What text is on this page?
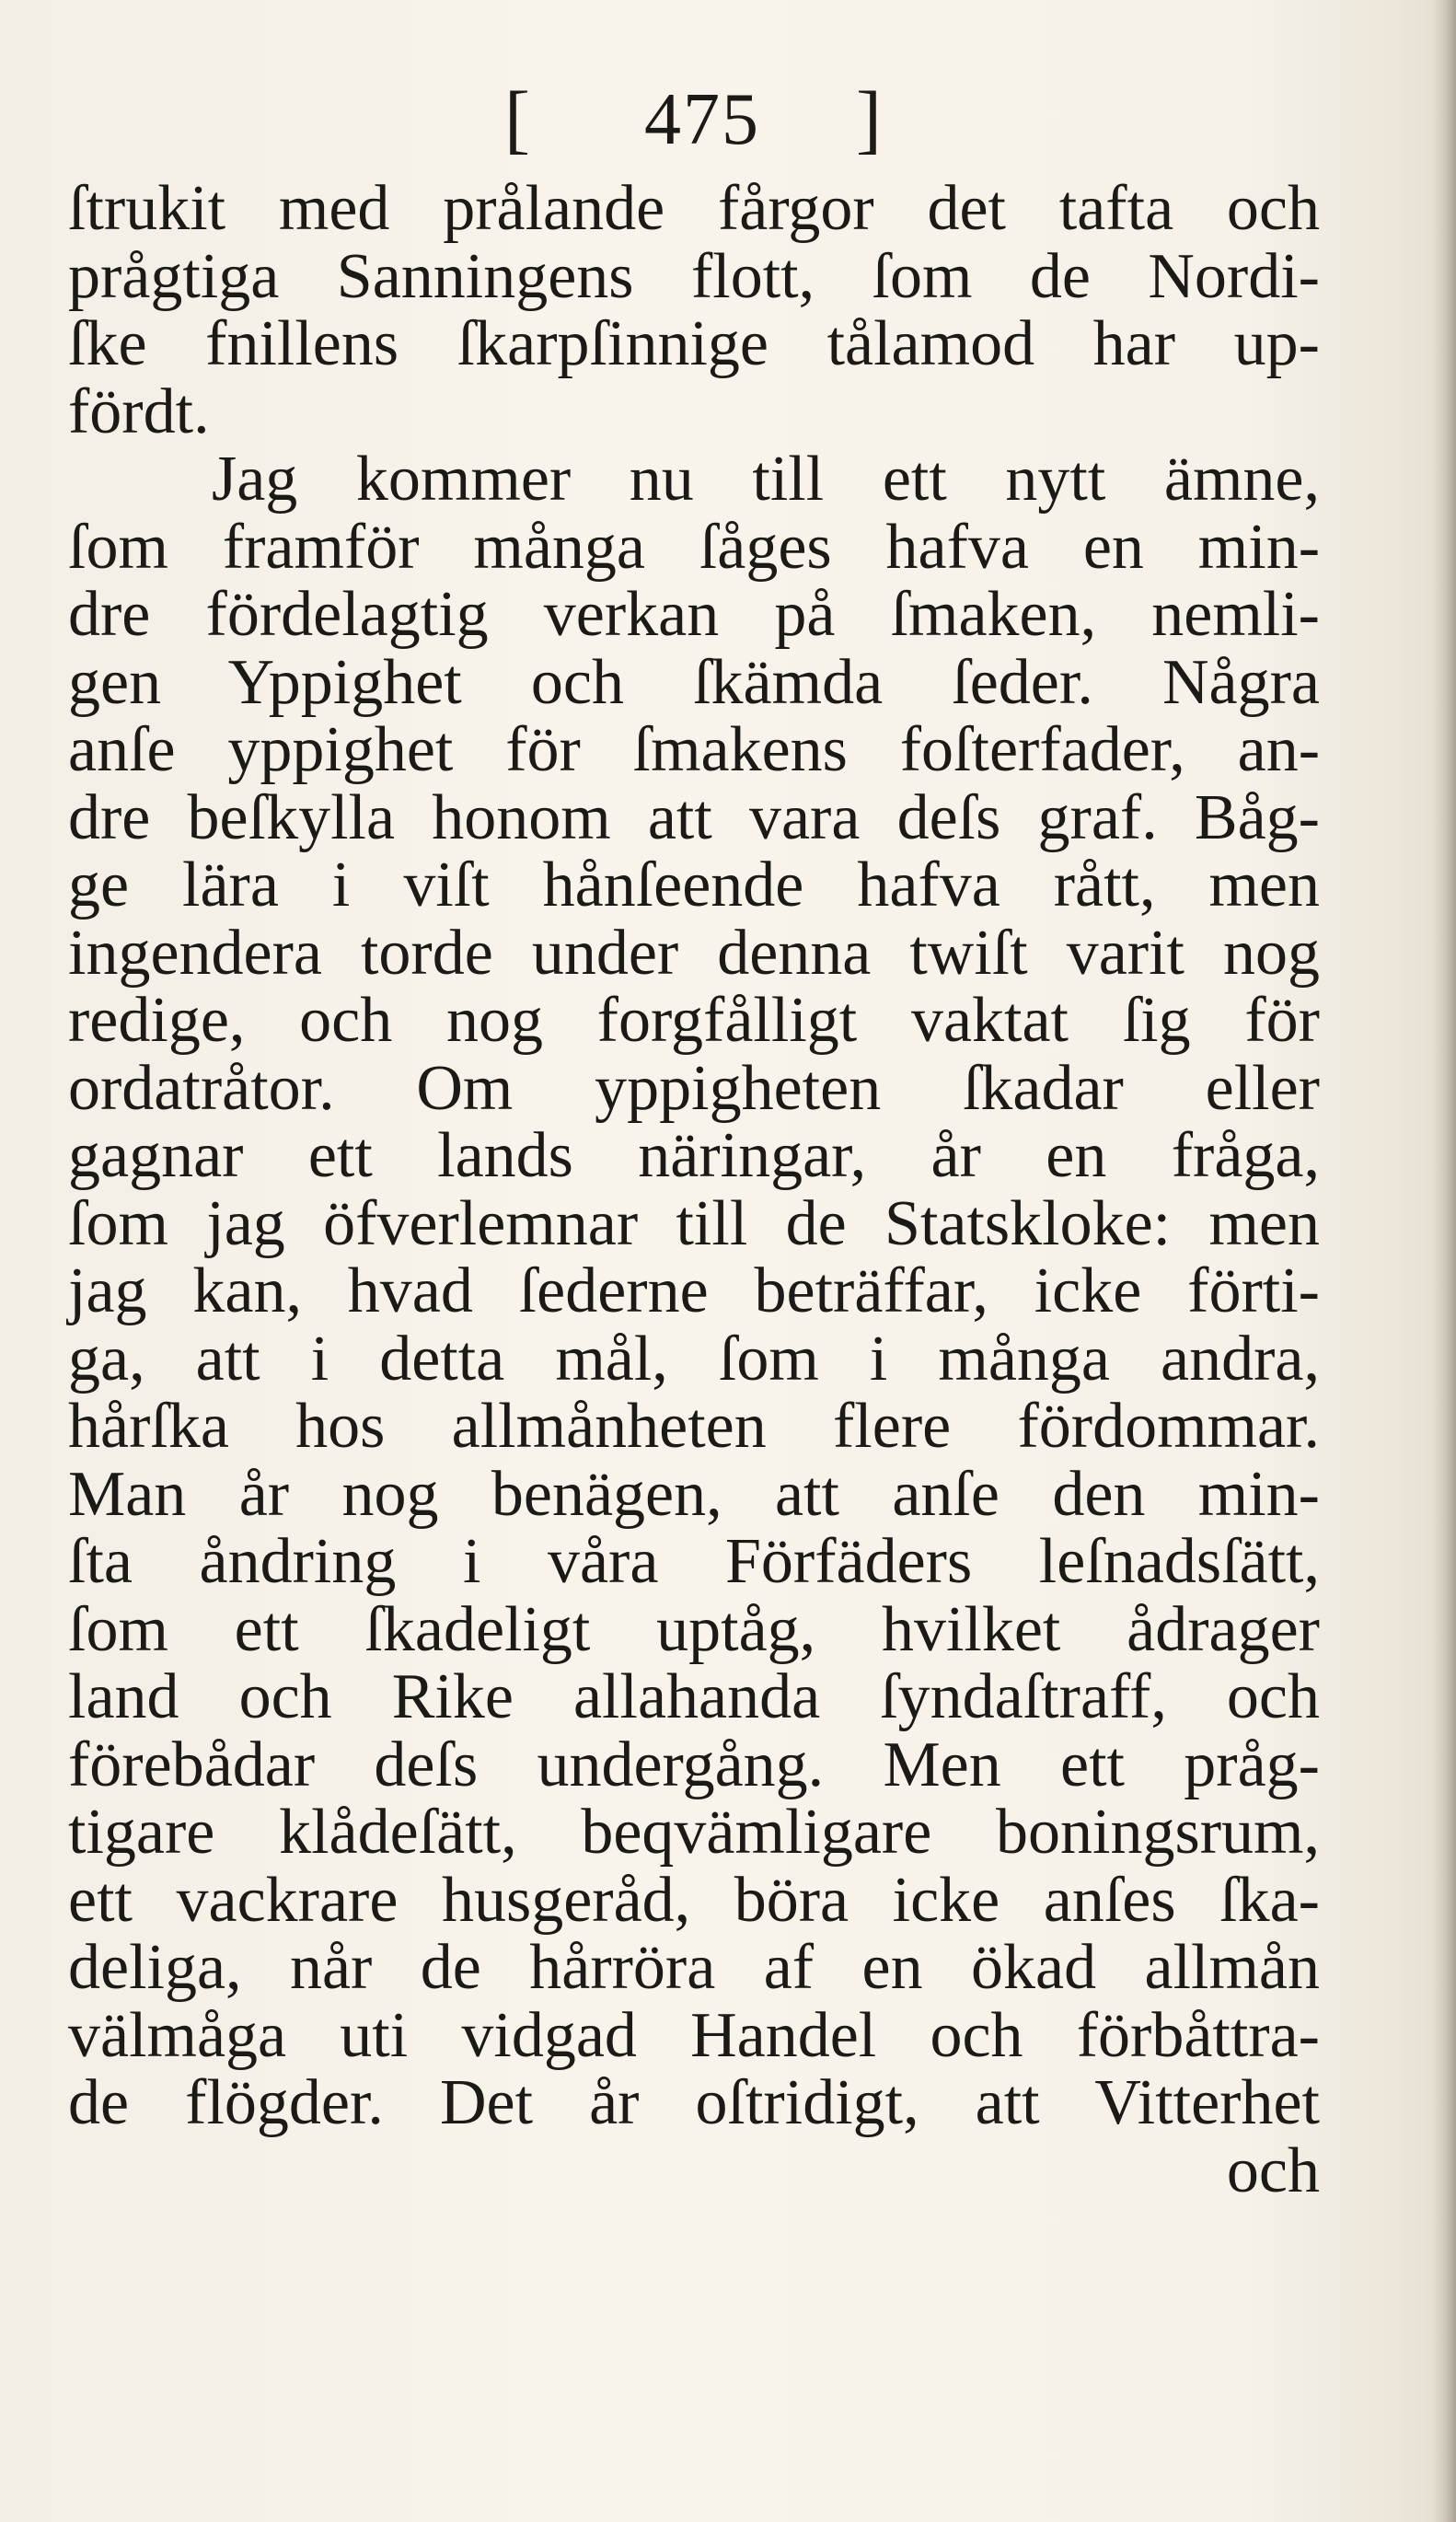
[ 475 ]
ſtrukit med prålande fårgor det tafta och
prågtiga Sanningens flott, ſom de Nordi-
ſke fnillens ſkarpſinnige tålamod har up-
fördt.
Jag kommer nu till ett nytt ämne,
ſom framför många ſåges hafva en min-
dre fördelagtig verkan på ſmaken, nemli-
gen Yppighet och ſkämda ſeder. Några
anſe yppighet för ſmakens foſterfader, an-
dre beſkylla honom att vara deſs graf. Båg-
ge lära i viſt hånſeende hafva rått, men
ingendera torde under denna twiſt varit nog
redige, och nog forgfålligt vaktat ſig för
ordatråtor. Om yppigheten ſkadar eller
gagnar ett lands näringar, år en fråga,
ſom jag öfverlemnar till de Statskloke: men
jag kan, hvad ſederne beträffar, icke förti-
ga, att i detta mål, ſom i många andra,
hårſka hos allmånheten flere fördommar.
Man år nog benägen, att anſe den min-
ſta åndring i våra Förfäders leſnadsſätt,
ſom ett ſkadeligt uptåg, hvilket ådrager
land och Rike allahanda ſyndaſtraff, och
förebådar deſs undergång. Men ett pråg-
tigare klådeſätt, beqvämligare boningsrum,
ett vackrare husgeråd, böra icke anſes ſka-
deliga, når de hårröra af en ökad allmån
välmåga uti vidgad Handel och förbåttra-
de flögder. Det år oſtridigt, att Vitterhet
och
